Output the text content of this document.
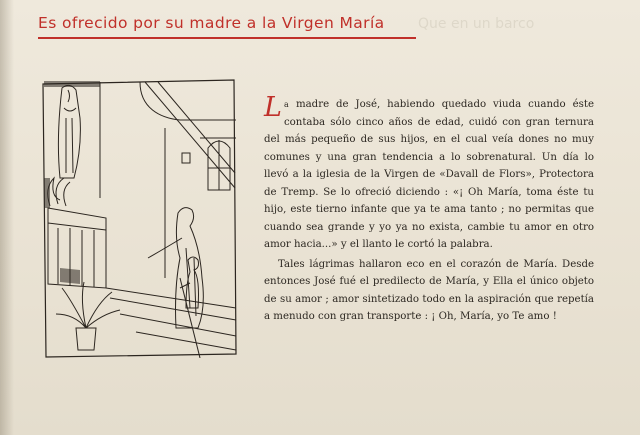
Es ofrecido por su madre a la Virgen María Que en un barco

La madre de José, habiendo quedado viuda cuando éste contaba sólo cinco años de edad, cuidó con gran ternura del más pequeño de sus hijos, en el cual veía dones no muy comunes y una gran tendencia a lo sobrenatural. Un día lo llevó a la iglesia de la Virgen de «Davall de Flors», Protectora de Tremp. Se lo ofreció diciendo : «¡ Oh María, toma éste tu hijo, este tierno infante que ya te ama tanto ; no permitas que cuando sea grande y yo ya no exista, cambie tu amor en otro amor hacia...» y el llanto le cortó la palabra.

Tales lágrimas hallaron eco en el corazón de María. Desde entonces José fué el predilecto de María, y Ella el único objeto de su amor ; amor sintetizado todo en la aspiración que repetía a menudo con gran transporte : ¡ Oh, María, yo Te amo !
